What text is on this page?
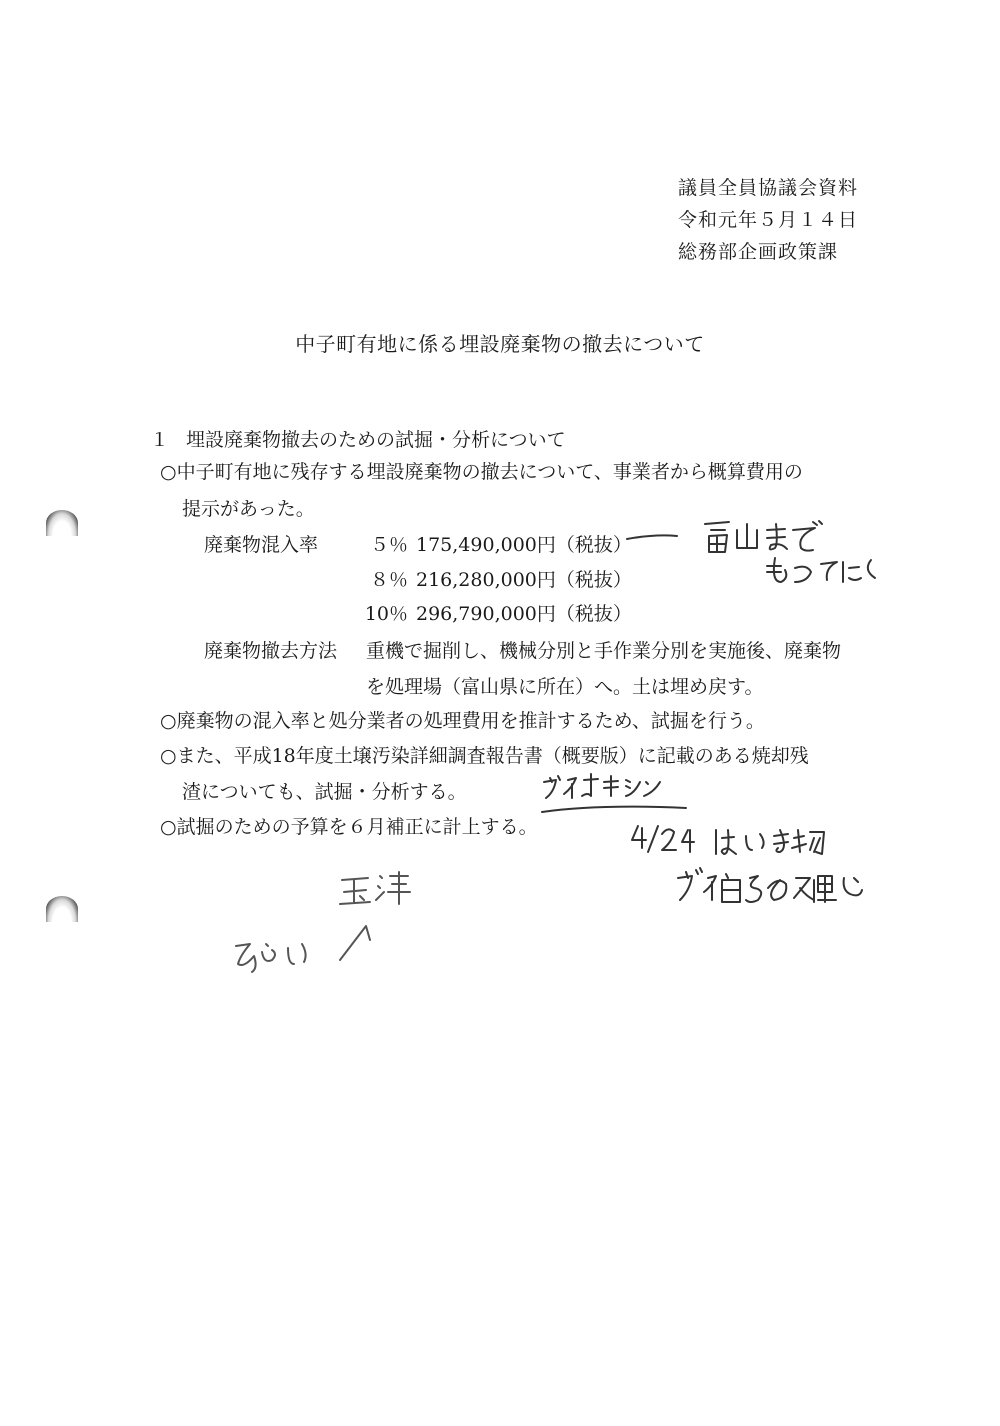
議員全員協議会資料
令和元年５月１４日
総務部企画政策課
中子町有地に係る埋設廃棄物の撤去について
１ 埋設廃棄物撤去のための試掘・分析について
○中子町有地に残存する埋設廃棄物の撤去について、事業者から概算費用の
提示があった。
廃棄物混入率	５％ 175,490,000円（税抜）
８％ 216,280,000円（税抜）
10％ 296,790,000円（税抜）
廃棄物撤去方法 重機で掘削し、機械分別と手作業分別を実施後、廃棄物
を処理場（富山県に所在）へ。土は埋め戻す。
○廃棄物の混入率と処分業者の処理費用を推計するため、試掘を行う。
○また、平成18年度土壌汚染詳細調査報告書（概要版）に記載のある焼却残
渣についても、試掘・分析する。
○試掘のための予算を６月補正に計上する。
